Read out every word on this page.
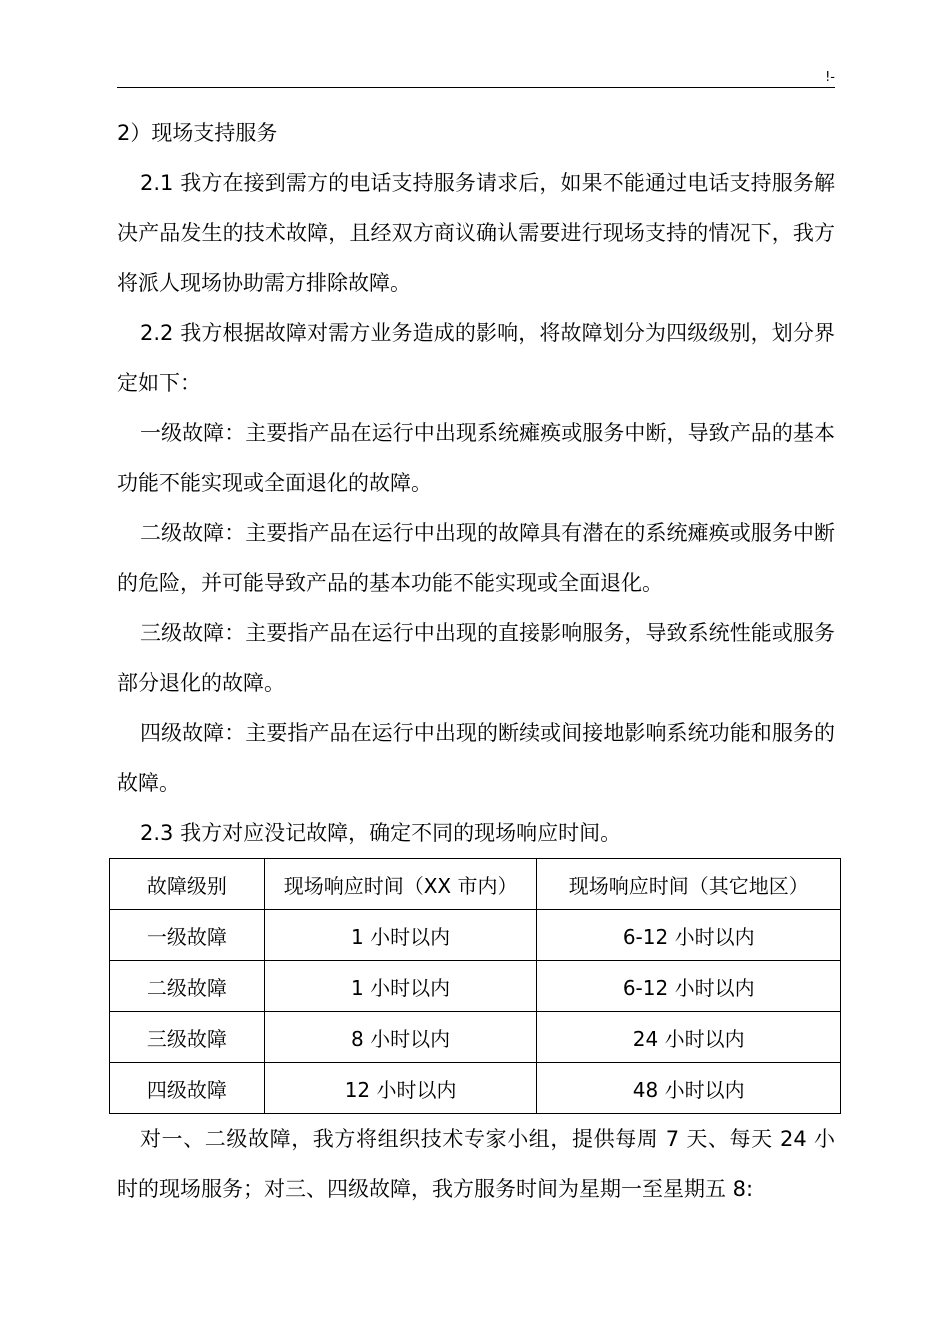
!-

2）现场支持服务

2.1 我方在接到需方的电话支持服务请求后，如果不能通过电话支持服务解决产品发生的技术故障，且经双方商议确认需要进行现场支持的情况下，我方将派人现场协助需方排除故障。

2.2 我方根据故障对需方业务造成的影响，将故障划分为四级级别，划分界定如下：

一级故障：主要指产品在运行中出现系统瘫痪或服务中断，导致产品的基本功能不能实现或全面退化的故障。

二级故障：主要指产品在运行中出现的故障具有潜在的系统瘫痪或服务中断的危险，并可能导致产品的基本功能不能实现或全面退化。

三级故障：主要指产品在运行中出现的直接影响服务，导致系统性能或服务部分退化的故障。

四级故障：主要指产品在运行中出现的断续或间接地影响系统功能和服务的故障。

2.3 我方对应没记故障，确定不同的现场响应时间。

故障级别	现场响应时间（XX 市内）	现场响应时间（其它地区）
一级故障	1 小时以内	6-12 小时以内
二级故障	1 小时以内	6-12 小时以内
三级故障	8 小时以内	24 小时以内
四级故障	12 小时以内	48 小时以内

对一、二级故障，我方将组织技术专家小组，提供每周 7 天、每天 24 小时的现场服务；对三、四级故障，我方服务时间为星期一至星期五 8:
